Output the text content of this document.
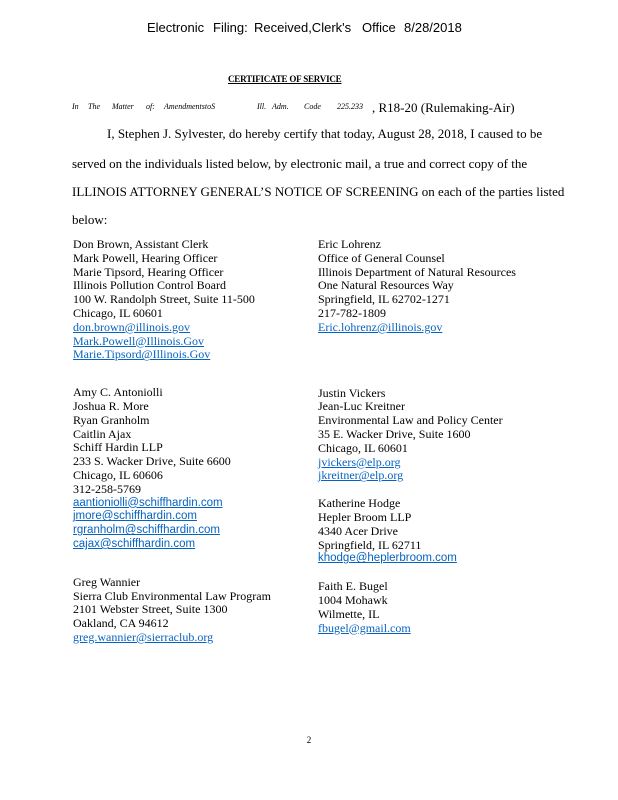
Electronic Filing: Received,Clerk's Office 8/28/2018
CERTIFICATE OF SERVICE
In The Matter of: AmendmentstoS	Ill. Adm. Code 225.233 , R18-20 (Rulemaking-Air)
I, Stephen J. Sylvester, do hereby certify that today, August 28, 2018, I caused to be
served on the individuals listed below, by electronic mail, a true and correct copy of the
ILLINOIS ATTORNEY GENERAL’S NOTICE OF SCREENING on each of the parties listed
below:
Don Brown, Assistant Clerk
Mark Powell, Hearing Officer
Marie Tipsord, Hearing Officer
Illinois Pollution Control Board
100 W. Randolph Street, Suite 11-500
Chicago, IL 60601
don.brown@illinois.gov
Mark.Powell@Illinois.Gov
Marie.Tipsord@Illinois.Gov
Amy C. Antoniolli
Joshua R. More
Ryan Granholm
Caitlin Ajax
Schiff Hardin LLP
233 S. Wacker Drive, Suite 6600
Chicago, IL 60606
312-258-5769
aantioniolli@schiffhardin.com
jmore@schiffhardin.com
rgranholm@schiffhardin.com
cajax@schiffhardin.com
Greg Wannier
Sierra Club Environmental Law Program
2101 Webster Street, Suite 1300
Oakland, CA 94612
greg.wannier@sierraclub.org
Eric Lohrenz
Office of General Counsel
Illinois Department of Natural Resources
One Natural Resources Way
Springfield, IL 62702-1271
217-782-1809
Eric.lohrenz@illinois.gov
Justin Vickers
Jean-Luc Kreitner
Environmental Law and Policy Center
35 E. Wacker Drive, Suite 1600
Chicago, IL 60601
jvickers@elp.org
jkreitner@elp.org
Katherine Hodge
Hepler Broom LLP
4340 Acer Drive
Springfield, IL 62711
khodge@heplerbroom.com
Faith E. Bugel
1004 Mohawk
Wilmette, IL
fbugel@gmail.com
2
